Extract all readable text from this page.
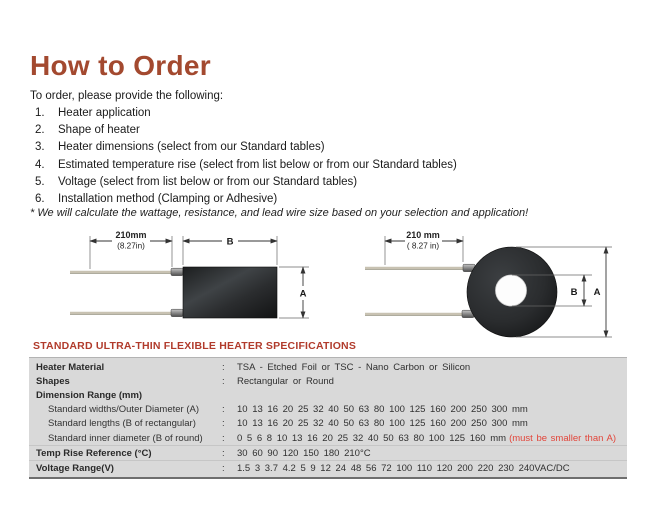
How to Order
To order, please provide the following:
1.	Heater application
2.	Shape of heater
3.	Heater dimensions (select from our Standard tables)
4.	Estimated temperature rise (select from list below or from our Standard tables)
5.	Voltage (select from list below or from our Standard tables)
6.	Installation method (Clamping or Adhesive)
* We will calculate the wattage, resistance, and lead wire size based on your selection and application!
210mm
(8.27in)	B
A
210 mm
( 8.27 in)
B A
STANDARD ULTRA-THIN FLEXIBLE HEATER SPECIFICATIONS
Heater Material	:	TSA - Etched Foil or TSC - Nano Carbon or Silicon
Shapes	:	Rectangular or Round
Dimension Range (mm)
Standard widths/Outer Diameter (A)	:	10 13 16 20 25 32 40 50 63 80 100 125 160 200 250 300 mm
Standard lengths (B of rectangular)	:	10 13 16 20 25 32 40 50 63 80 100 125 160 200 250 300 mm
Standard inner diameter (B of round)	:	0 5 6 8 10 13 16 20 25 32 40 50 63 80 100 125 160 mm (must be smaller than A)
Temp Rise Reference (°C)	:	30 60 90 120 150 180 210°C
Voltage Range(V)	:	1.5 3 3.7 4.2 5 9 12 24 48 56 72 100 110 120 200 220 230 240VAC/DC
